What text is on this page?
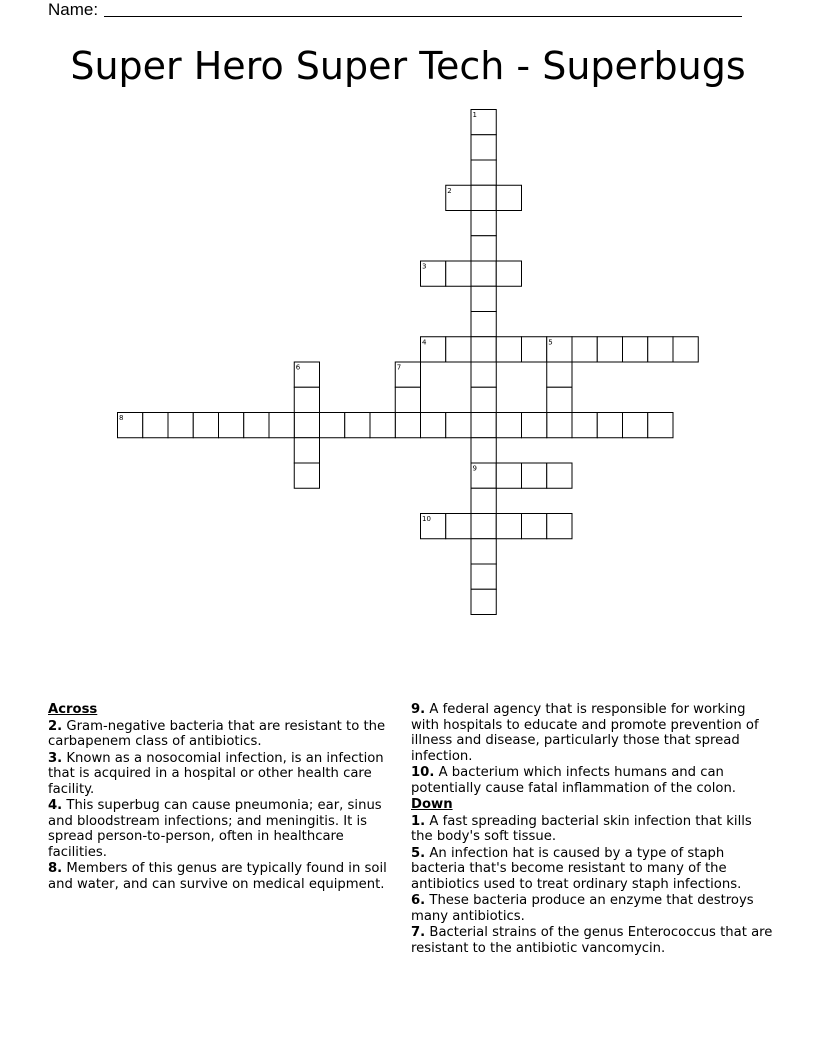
Name:
Super Hero Super Tech - Superbugs
1
2
3
4	5
6	7
8
9
10
Across
2. Gram-negative bacteria that are resistant to the carbapenem class of antibiotics.
3. Known as a nosocomial infection, is an infection that is acquired in a hospital or other health care facility.
4. This superbug can cause pneumonia; ear, sinus and bloodstream infections; and meningitis. It is spread person-to-person, often in healthcare facilities.
8. Members of this genus are typically found in soil and water, and can survive on medical equipment.
9. A federal agency that is responsible for working with hospitals to educate and promote prevention of illness and disease, particularly those that spread infection.
10. A bacterium which infects humans and can potentially cause fatal inflammation of the colon.
Down
1. A fast spreading bacterial skin infection that kills the body's soft tissue.
5. An infection hat is caused by a type of staph bacteria that's become resistant to many of the antibiotics used to treat ordinary staph infections.
6. These bacteria produce an enzyme that destroys many antibiotics.
7. Bacterial strains of the genus Enterococcus that are resistant to the antibiotic vancomycin.
